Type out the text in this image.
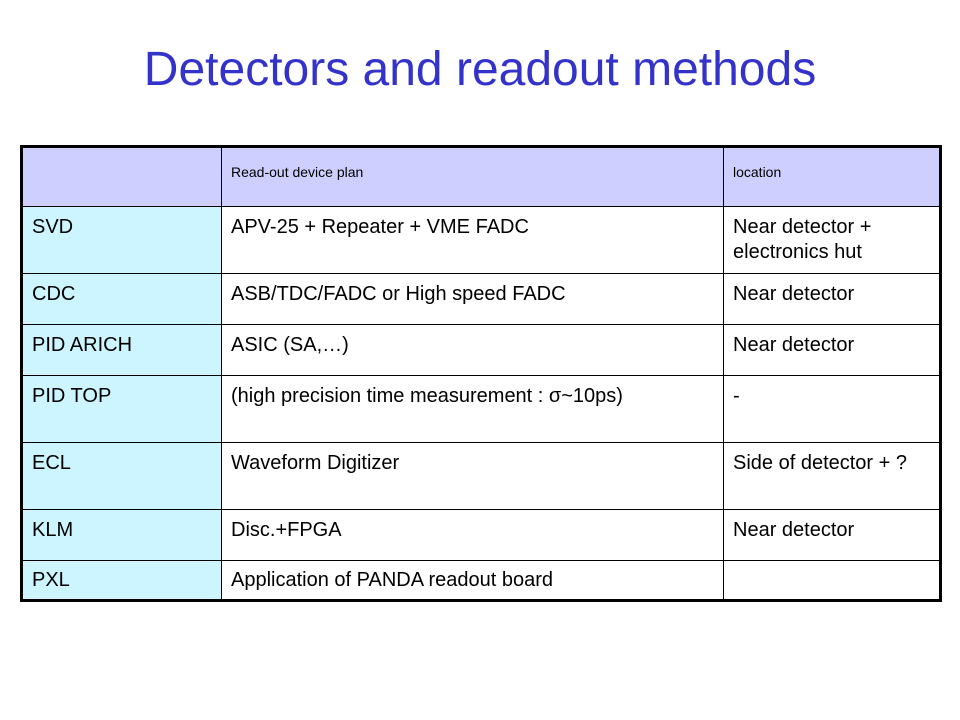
Detectors and readout methods
	Read-out device plan	location
SVD	APV-25 + Repeater + VME FADC	Near detector + electronics hut
CDC	ASB/TDC/FADC or High speed FADC	Near detector
PID ARICH	ASIC (SA,…)	Near detector
PID TOP	(high precision time measurement : σ~10ps)	-
ECL	Waveform Digitizer	Side of detector + ?
KLM	Disc.+FPGA	Near detector
PXL	Application of PANDA readout board	
